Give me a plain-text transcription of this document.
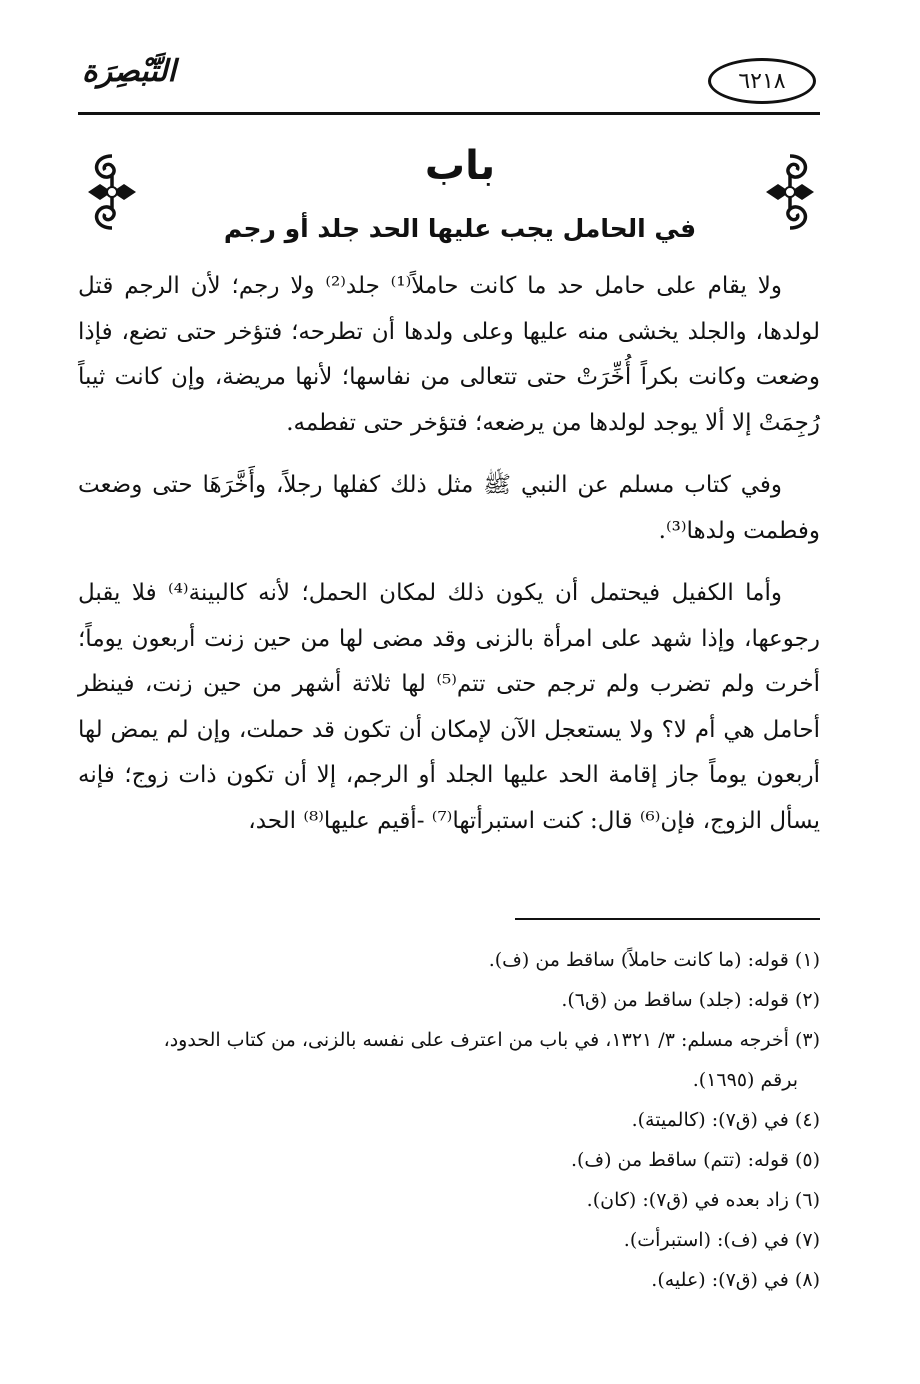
التَّبْصِرَة	٦٢١٨
باب
في الحامل يجب عليها الحد جلد أو رجم

ولا يقام على حامل حد ما كانت حاملاً⁽¹⁾ جلد⁽²⁾ ولا رجم؛ لأن الرجم قتل لولدها، والجلد يخشى منه عليها وعلى ولدها أن تطرحه؛ فتؤخر حتى تضع، فإذا وضعت وكانت بكراً أُخِّرَتْ حتى تتعالى من نفاسها؛ لأنها مريضة، وإن كانت ثيباً رُجِمَتْ إلا ألا يوجد لولدها من يرضعه؛ فتؤخر حتى تفطمه.

وفي كتاب مسلم عن النبي ﷺ مثل ذلك كفلها رجلاً، وأَخَّرَهَا حتى وضعت وفطمت ولدها⁽³⁾.

وأما الكفيل فيحتمل أن يكون ذلك لمكان الحمل؛ لأنه كالبينة⁽⁴⁾ فلا يقبل رجوعها، وإذا شهد على امرأة بالزنى وقد مضى لها من حين زنت أربعون يوماً؛ أخرت ولم تضرب ولم ترجم حتى تتم⁽⁵⁾ لها ثلاثة أشهر من حين زنت، فينظر أحامل هي أم لا؟ ولا يستعجل الآن لإمكان أن تكون قد حملت، وإن لم يمض لها أربعون يوماً جاز إقامة الحد عليها الجلد أو الرجم، إلا أن تكون ذات زوج؛ فإنه يسأل الزوج، فإن⁽⁶⁾ قال: كنت استبرأتها⁽⁷⁾ -أقيم عليها⁽⁸⁾ الحد،

(١) قوله: (ما كانت حاملاً) ساقط من (ف).

(٢) قوله: (جلد) ساقط من (ق٦).

(٣) أخرجه مسلم: ٣/ ١٣٢١، في باب من اعترف على نفسه بالزنى، من كتاب الحدود،

برقم (١٦٩٥).

(٤) في (ق٧): (كالميتة).

(٥) قوله: (تتم) ساقط من (ف).

(٦) زاد بعده في (ق٧): (كان).

(٧) في (ف): (استبرأت).

(٨) في (ق٧): (عليه).
